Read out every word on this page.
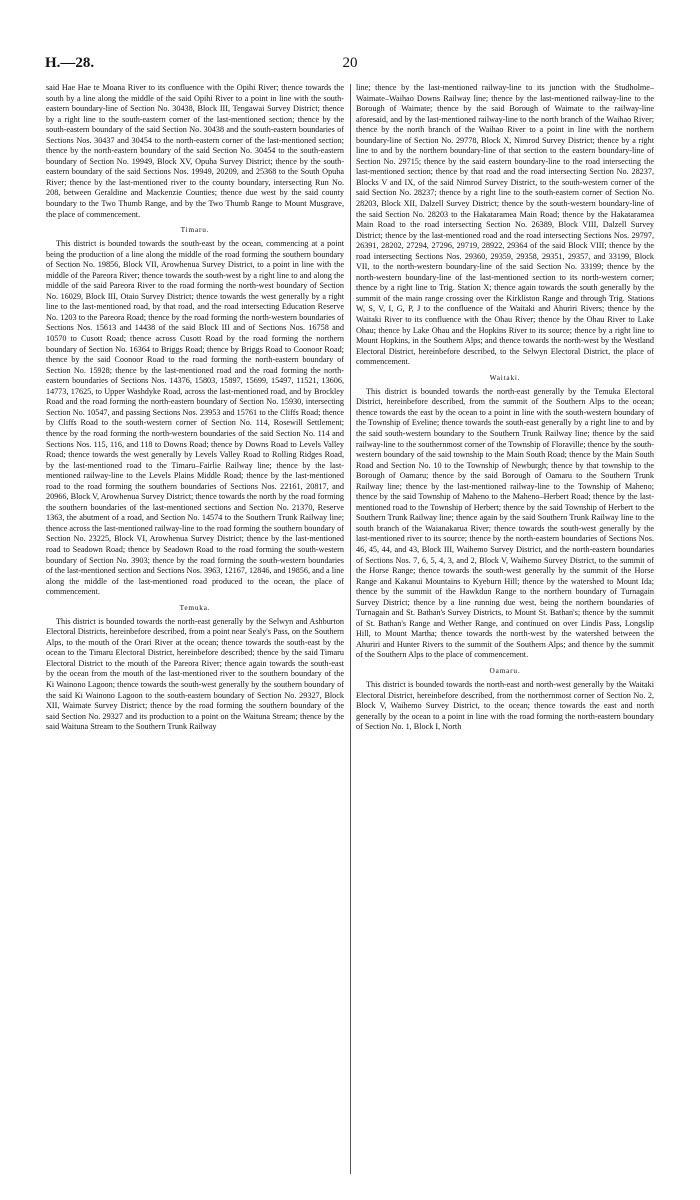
H.—28.	20

said Hae Hae te Moana River to its confluence with the Opihi River; thence towards the south by a line along the middle of the said Opihi River to a point in line with the south-eastern boundary-line of Section No. 30438, Block III, Tengawai Survey District; thence by a right line to the south-eastern corner of the last-mentioned section; thence by the south-eastern boundary of the said Section No. 30438 and the south-eastern boundaries of Sections Nos. 30437 and 30454 to the north-eastern corner of the last-mentioned section; thence by the north-eastern boundary of the said Section No. 30454 to the south-eastern boundary of Section No. 19949, Block XV, Opuha Survey District; thence by the south-eastern boundary of the said Sections Nos. 19949, 20209, and 25368 to the South Opuha River; thence by the last-mentioned river to the county boundary, intersecting Run No. 208, between Geraldine and Mackenzie Counties; thence due west by the said county boundary to the Two Thumb Range, and by the Two Thumb Range to Mount Musgrave, the place of commencement.

Timaru.

This district is bounded towards the south-east by the ocean, commencing at a point being the production of a line along the middle of the road forming the southern boundary of Section No. 19856, Block VII, Arowhenua Survey District, to a point in line with the middle of the Pareora River; thence towards the south-west by a right line to and along the middle of the said Pareora River to the road forming the north-west boundary of Section No. 16029, Block III, Otaio Survey District; thence towards the west generally by a right line to the last-mentioned road, by that road, and the road intersecting Education Reserve No. 1203 to the Pareora Road; thence by the road forming the north-western boundaries of Sections Nos. 15613 and 14438 of the said Block III and of Sections Nos. 16758 and 10570 to Cusott Road; thence across Cusott Road by the road forming the northern boundary of Section No. 16364 to Briggs Road; thence by Briggs Road to Coonoor Road; thence by the said Coonoor Road to the road forming the north-eastern boundary of Section No. 15928; thence by the last-mentioned road and the road forming the north-eastern boundaries of Sections Nos. 14376, 15803, 15897, 15699, 15497, 11521, 13606, 14773, 17625, to Upper Washdyke Road, across the last-mentioned road, and by Brockley Road and the road forming the north-eastern boundary of Section No. 15930, intersecting Section No. 10547, and passing Sections Nos. 23953 and 15761 to the Cliffs Road; thence by Cliffs Road to the south-western corner of Section No. 114, Rosewill Settlement; thence by the road forming the north-western boundaries of the said Section No. 114 and Sections Nos. 115, 116, and 118 to Downs Road; thence by Downs Road to Levels Valley Road; thence towards the west generally by Levels Valley Road to Rolling Ridges Road, by the last-mentioned road to the Timaru–Fairlie Railway line; thence by the last-mentioned railway-line to the Levels Plains Middle Road; thence by the last-mentioned road to the road forming the southern boundaries of Sections Nos. 22161, 20817, and 20966, Block V, Arowhenua Survey District; thence towards the north by the road forming the southern boundaries of the last-mentioned sections and Section No. 21370, Reserve 1363, the abutment of a road, and Section No. 14574 to the Southern Trunk Railway line; thence across the last-mentioned railway-line to the road forming the southern boundary of Section No. 23225, Block VI, Arowhenua Survey District; thence by the last-mentioned road to Seadown Road; thence by Seadown Road to the road forming the south-western boundary of Section No. 3903; thence by the road forming the south-western boundaries of the last-mentioned section and Sections Nos. 3963, 12167, 12846, and 19856, and a line along the middle of the last-mentioned road produced to the ocean, the place of commencement.

Temuka.

This district is bounded towards the north-east generally by the Selwyn and Ashburton Electoral Districts, hereinbefore described, from a point near Sealy's Pass, on the Southern Alps, to the mouth of the Orari River at the ocean; thence towards the south-east by the ocean to the Timaru Electoral District, hereinbefore described; thence by the said Timaru Electoral District to the mouth of the Pareora River; thence again towards the south-east by the ocean from the mouth of the last-mentioned river to the southern boundary of the Ki Wainono Lagoon; thence towards the south-west generally by the southern boundary of the said Ki Wainono Lagoon to the south-eastern boundary of Section No. 29327, Block XII, Waimate Survey District; thence by the road forming the southern boundary of the said Section No. 29327 and its production to a point on the Waituna Stream; thence by the said Waituna Stream to the Southern Trunk Railway

line; thence by the last-mentioned railway-line to its junction with the Studholme–Waimate–Waihao Downs Railway line; thence by the last-mentioned railway-line to the Borough of Waimate; thence by the said Borough of Waimate to the railway-line aforesaid, and by the last-mentioned railway-line to the north branch of the Waihao River; thence by the north branch of the Waihao River to a point in line with the northern boundary-line of Section No. 29778, Block X, Nimrod Survey District; thence by a right line to and by the northern boundary-line of that section to the eastern boundary-line of Section No. 29715; thence by the said eastern boundary-line to the road intersecting the last-mentioned section; thence by that road and the road intersecting Section No. 28237, Blocks V and IX, of the said Nimrod Survey District, to the south-western corner of the said Section No. 28237; thence by a right line to the south-eastern corner of Section No. 28203, Block XII, Dalzell Survey District; thence by the south-western boundary-line of the said Section No. 28203 to the Hakataramea Main Road; thence by the Hakataramea Main Road to the road intersecting Section No. 26389, Block VIII, Dalzell Survey District; thence by the last-mentioned road and the road intersecting Sections Nos. 29797, 26391, 28202, 27294, 27296, 29719, 28922, 29364 of the said Block VIII; thence by the road intersecting Sections Nos. 29360, 29359, 29358, 29351, 29357, and 33199, Block VII, to the north-western boundary-line of the said Section No. 33199; thence by the north-western boundary-line of the last-mentioned section to its north-western corner; thence by a right line to Trig. Station X; thence again towards the south generally by the summit of the main range crossing over the Kirkliston Range and through Trig. Stations W, S, V, I, G, P, J to the confluence of the Waitaki and Ahuriri Rivers; thence by the Waitaki River to its confluence with the Ohau River; thence by the Ohau River to Lake Ohau; thence by Lake Ohau and the Hopkins River to its source; thence by a right line to Mount Hopkins, in the Southern Alps; and thence towards the north-west by the Westland Electoral District, hereinbefore described, to the Selwyn Electoral District, the place of commencement.

Waitaki.

This district is bounded towards the north-east generally by the Temuka Electoral District, hereinbefore described, from the summit of the Southern Alps to the ocean; thence towards the east by the ocean to a point in line with the south-western boundary of the Township of Eveline; thence towards the south-east generally by a right line to and by the said south-western boundary to the Southern Trunk Railway line; thence by the said railway-line to the southernmost corner of the Township of Floraville; thence by the south-western boundary of the said township to the Main South Road; thence by the Main South Road and Section No. 10 to the Township of Newburgh; thence by that township to the Borough of Oamaru; thence by the said Borough of Oamaru to the Southern Trunk Railway line; thence by the last-mentioned railway-line to the Township of Maheno; thence by the said Township of Maheno to the Maheno–Herbert Road; thence by the last-mentioned road to the Township of Herbert; thence by the said Township of Herbert to the Southern Trunk Railway line; thence again by the said Southern Trunk Railway line to the south branch of the Waianakarua River; thence towards the south-west generally by the last-mentioned river to its source; thence by the north-eastern boundaries of Sections Nos. 46, 45, 44, and 43, Block III, Waihemo Survey District, and the north-eastern boundaries of Sections Nos. 7, 6, 5, 4, 3, and 2, Block V, Waihemo Survey District, to the summit of the Horse Range; thence towards the south-west generally by the summit of the Horse Range and Kakanui Mountains to Kyeburn Hill; thence by the watershed to Mount Ida; thence by the summit of the Hawkdun Range to the northern boundary of Turnagain Survey District; thence by a line running due west, being the northern boundaries of Turnagain and St. Bathan's Survey Districts, to Mount St. Bathan's; thence by the summit of St. Bathan's Range and Wether Range, and continued on over Lindis Pass, Longslip Hill, to Mount Martha; thence towards the north-west by the watershed between the Ahuriri and Hunter Rivers to the summit of the Southern Alps; and thence by the summit of the Southern Alps to the place of commencement.

Oamaru.

This district is bounded towards the north-east and north-west generally by the Waitaki Electoral District, hereinbefore described, from the northernmost corner of Section No. 2, Block V, Waihemo Survey District, to the ocean; thence towards the east and north generally by the ocean to a point in line with the road forming the north-eastern boundary of Section No. 1, Block I, North
